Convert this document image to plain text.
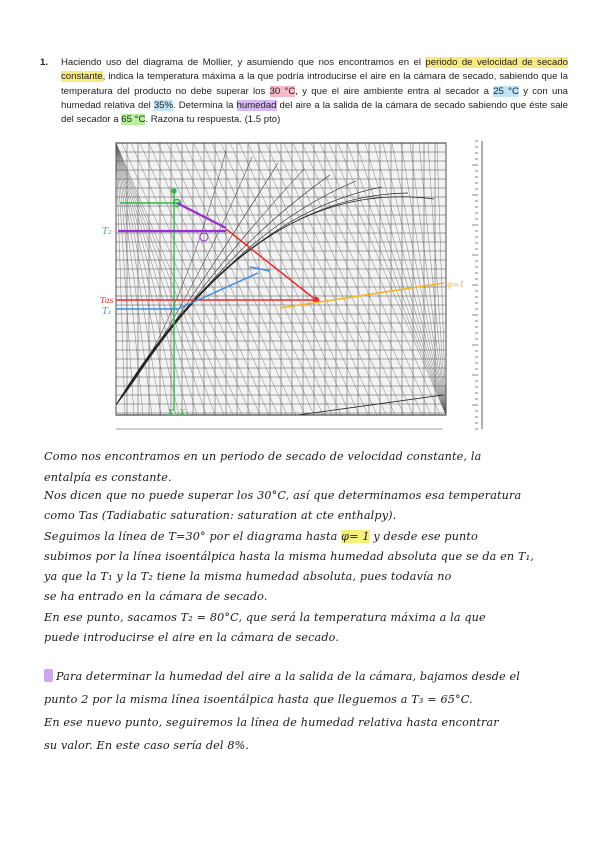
1. Haciendo uso del diagrama de Mollier, y asumiendo que nos encontramos en el periodo de velocidad de secado constante, indica la temperatura máxima a la que podría introducirse el aire en la cámara de secado, sabiendo que la temperatura del producto no debe superar los 30 °C, y que el aire ambiente entra al secador a 25 °C y con una humedad relativa del 35%. Determina la humedad del aire a la salida de la cámara de secado sabiendo que éste sale del secador a 65 °C. Razona tu respuesta. (1.5 pto)
T₂
Tas
T₁
φ=1
X₁,X₂
Como nos encontramos en un periodo de secado de velocidad constante, la
entalpía es constante.
Nos dicen que no puede superar los 30°C, así que determinamos esa temperatura
como Tas (Tadiabatic saturation: saturation at cte enthalpy).
Seguimos la línea de T=30° por el diagrama hasta φ= 1 y desde ese punto
subimos por la línea isoentálpica hasta la misma humedad absoluta que se da en T₁,
ya que la T₁ y la T₂ tiene la misma humedad absoluta, pues todavía no
se ha entrado en la cámara de secado.
En ese punto, sacamos T₂ = 80°C, que será la temperatura máxima a la que
puede introducirse el aire en la cámara de secado.
Para determinar la humedad del aire a la salida de la cámara, bajamos desde el
punto 2 por la misma línea isoentálpica hasta que lleguemos a T₃ = 65°C.
En ese nuevo punto, seguiremos la línea de humedad relativa hasta encontrar
su valor. En este caso sería del 8%.
